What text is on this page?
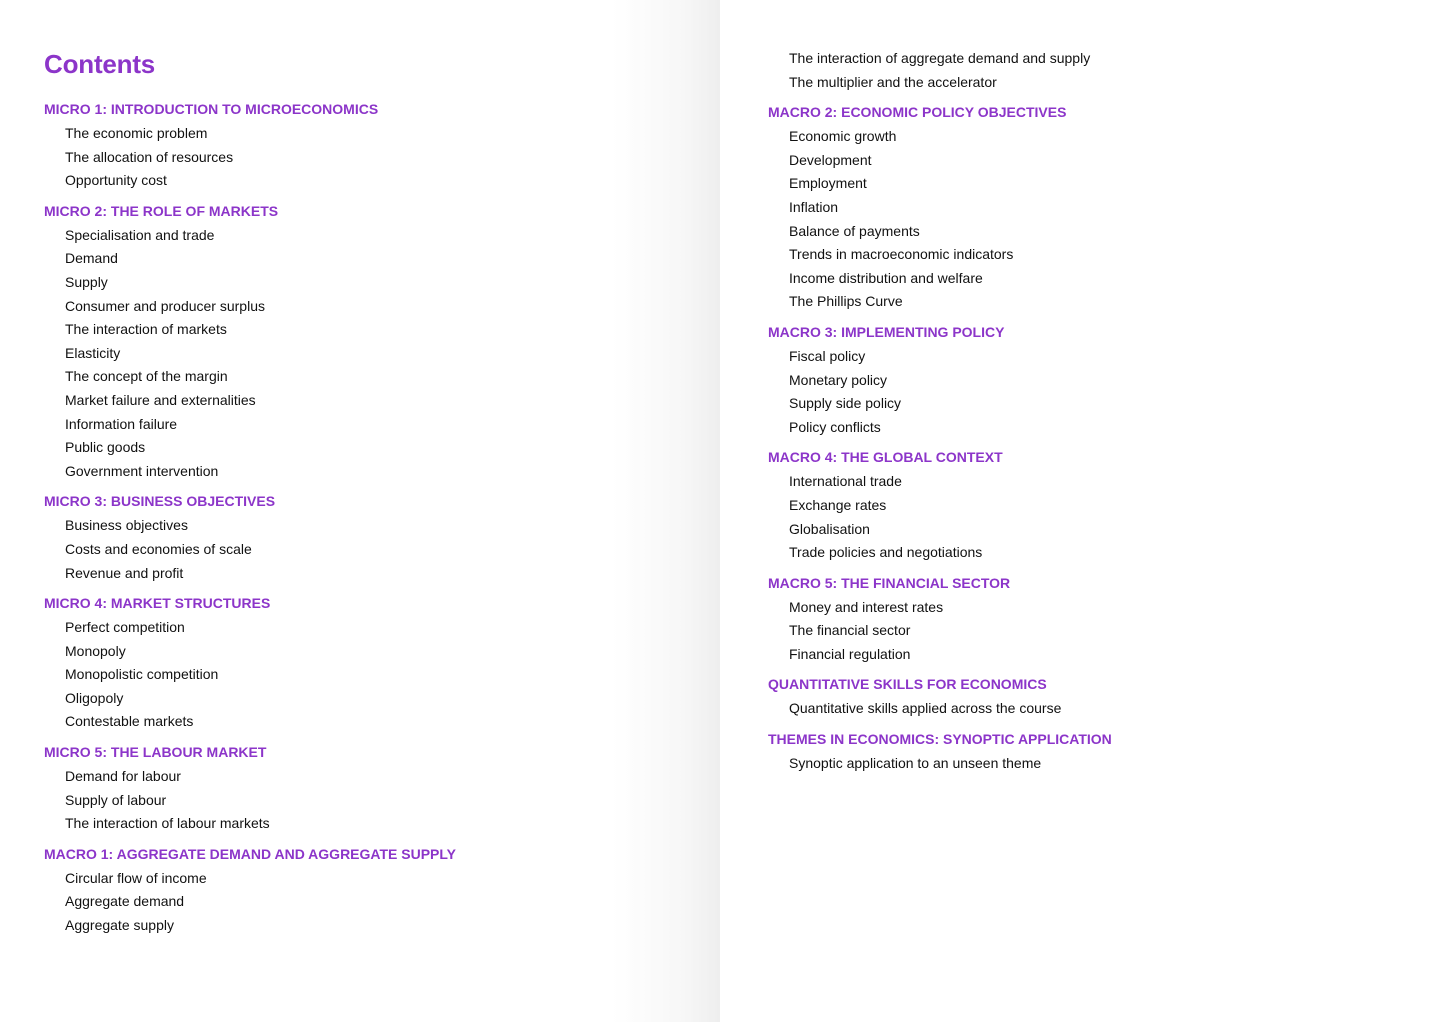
Contents
MICRO 1: INTRODUCTION TO MICROECONOMICS
The economic problem
The allocation of resources
Opportunity cost
MICRO 2: THE ROLE OF MARKETS
Specialisation and trade
Demand
Supply
Consumer and producer surplus
The interaction of markets
Elasticity
The concept of the margin
Market failure and externalities
Information failure
Public goods
Government intervention
MICRO 3: BUSINESS OBJECTIVES
Business objectives
Costs and economies of scale
Revenue and profit
MICRO 4: MARKET STRUCTURES
Perfect competition
Monopoly
Monopolistic competition
Oligopoly
Contestable markets
MICRO 5: THE LABOUR MARKET
Demand for labour
Supply of labour
The interaction of labour markets
MACRO 1: AGGREGATE DEMAND AND AGGREGATE SUPPLY
Circular flow of income
Aggregate demand
Aggregate supply
The interaction of aggregate demand and supply
The multiplier and the accelerator
MACRO 2: ECONOMIC POLICY OBJECTIVES
Economic growth
Development
Employment
Inflation
Balance of payments
Trends in macroeconomic indicators
Income distribution and welfare
The Phillips Curve
MACRO 3: IMPLEMENTING POLICY
Fiscal policy
Monetary policy
Supply side policy
Policy conflicts
MACRO 4: THE GLOBAL CONTEXT
International trade
Exchange rates
Globalisation
Trade policies and negotiations
MACRO 5: THE FINANCIAL SECTOR
Money and interest rates
The financial sector
Financial regulation
QUANTITATIVE SKILLS FOR ECONOMICS
Quantitative skills applied across the course
THEMES IN ECONOMICS: SYNOPTIC APPLICATION
Synoptic application to an unseen theme
